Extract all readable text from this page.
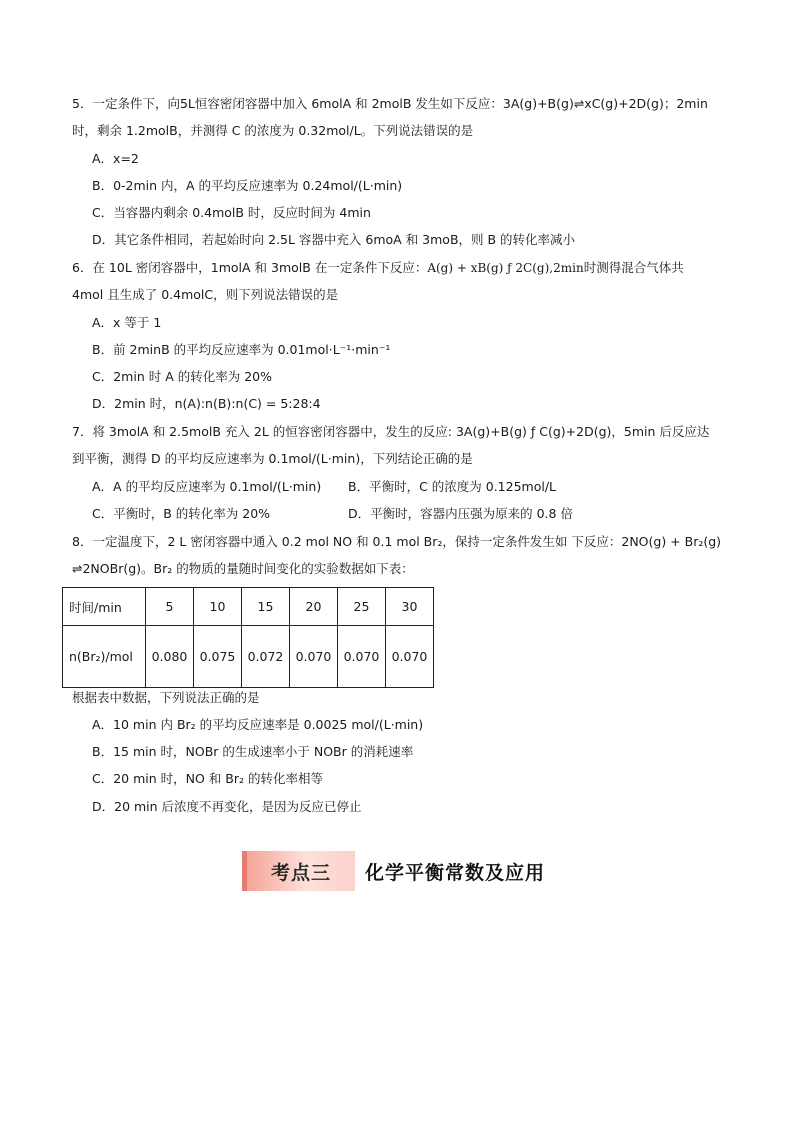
5．一定条件下，向5L恒容密闭容器中加入 6molA 和 2molB 发生如下反应：3A(g)+B(g)⇌xC(g)+2D(g)；2min
时，剩余 1.2molB，并测得 C 的浓度为 0.32mol/L。下列说法错误的是
A．x=2
B．0-2min 内，A 的平均反应速率为 0.24mol/(L·min)
C．当容器内剩余 0.4molB 时，反应时间为 4min
D．其它条件相同，若起始时向 2.5L 容器中充入 6moA 和 3moB，则 B 的转化率减小
6．在 10L 密闭容器中，1molA 和 3molB 在一定条件下反应：A(g) + xB(g) ƒ 2C(g),2min时测得混合气体共
4mol 且生成了 0.4molC，则下列说法错误的是
A．x 等于 1
B．前 2minB 的平均反应速率为 0.01mol·L⁻¹·min⁻¹
C．2min 时 A 的转化率为 20%
D．2min 时，n(A):n(B):n(C) = 5:28:4
7．将 3molA 和 2.5molB 充入 2L 的恒容密闭容器中，发生的反应: 3A(g)+B(g) ƒ C(g)+2D(g)，5min 后反应达
到平衡，测得 D 的平均反应速率为 0.1mol/(L·min)，下列结论正确的是
A．A 的平均反应速率为 0.1mol/(L·min) B．平衡时，C 的浓度为 0.125mol/L
C．平衡时，B 的转化率为 20%	D．平衡时，容器内压强为原来的 0.8 倍
8．一定温度下，2 L 密闭容器中通入 0.2 mol NO 和 0.1 mol Br₂，保持一定条件发生如 下反应：2NO(g) + Br₂(g)
⇌2NOBr(g)。Br₂ 的物质的量随时间变化的实验数据如下表：
时间/min	5	10	15	20	25	30
n(Br₂)/mol	0.080	0.075	0.072	0.070	0.070	0.070
根据表中数据，下列说法正确的是
A．10 min 内 Br₂ 的平均反应速率是 0.0025 mol/(L·min)
B．15 min 时，NOBr 的生成速率小于 NOBr 的消耗速率
C．20 min 时，NO 和 Br₂ 的转化率相等
D．20 min 后浓度不再变化，是因为反应已停止
考点三	化学平衡常数及应用
